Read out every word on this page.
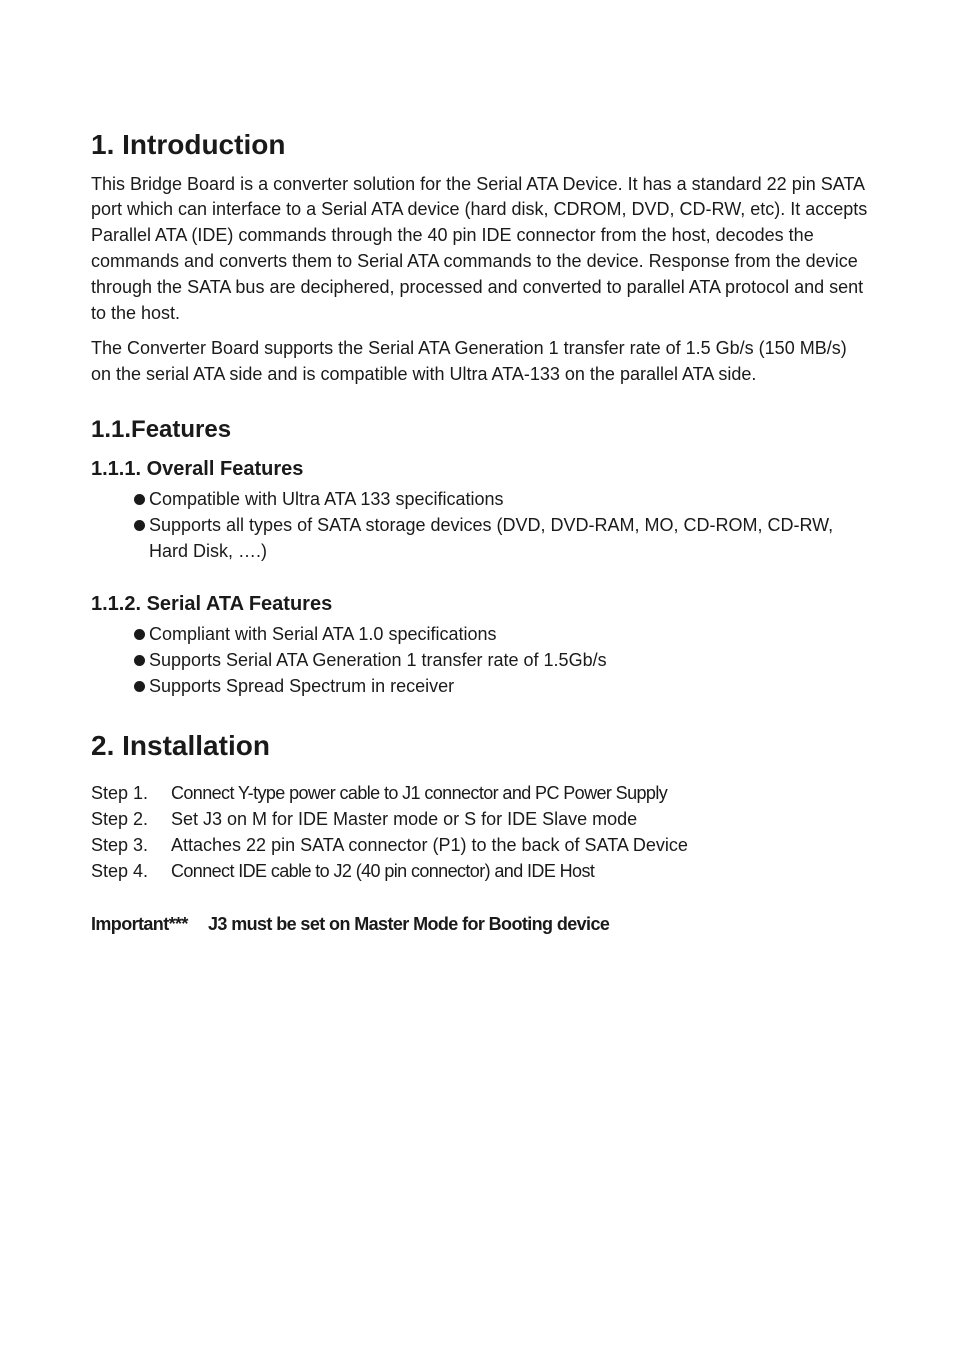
1. Introduction

This Bridge Board is a converter solution for the Serial ATA Device. It has a standard 22 pin SATA port which can interface to a Serial ATA device (hard disk, CDROM, DVD, CD-RW, etc). It accepts Parallel ATA (IDE) commands through the 40 pin IDE connector from the host, decodes the commands and converts them to Serial ATA commands to the device. Response from the device through the SATA bus are deciphered, processed and converted to parallel ATA protocol and sent to the host.

The Converter Board supports the Serial ATA Generation 1 transfer rate of 1.5 Gb/s (150 MB/s) on the serial ATA side and is compatible with Ultra ATA-133 on the parallel ATA side.

1.1.Features
1.1.1. Overall Features
Compatible with Ultra ATA 133 specifications
Supports all types of SATA storage devices (DVD, DVD-RAM, MO, CD-ROM, CD-RW, Hard Disk, ….)
1.1.2. Serial ATA Features
Compliant with Serial ATA 1.0 specifications
Supports Serial ATA Generation 1 transfer rate of 1.5Gb/s
Supports Spread Spectrum in receiver
2. Installation
Step 1.	Connect Y-type power cable to J1 connector and PC Power Supply
Step 2.	Set J3 on M for IDE Master mode or S for IDE Slave mode
Step 3.	Attaches 22 pin SATA connector (P1) to the back of SATA Device
Step 4.	Connect IDE cable to J2 (40 pin connector) and IDE Host
Important***	J3 must be set on Master Mode for Booting device
